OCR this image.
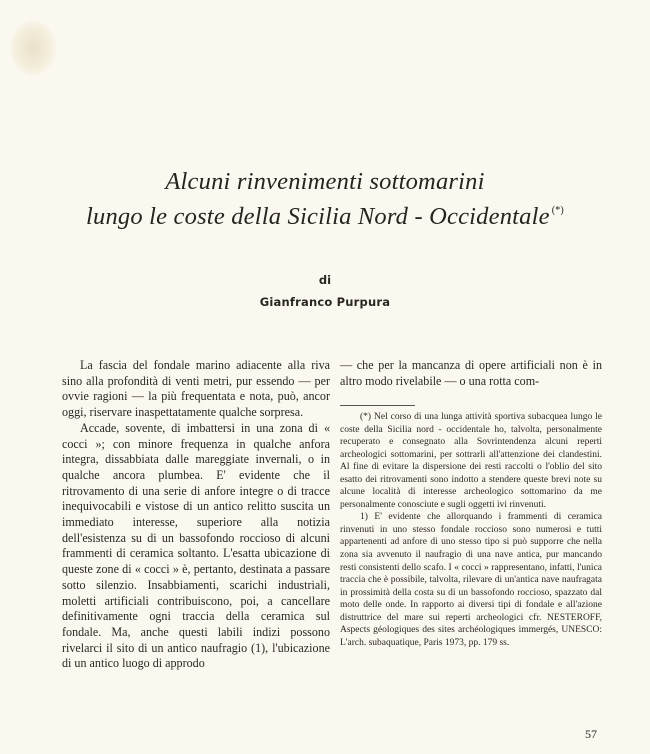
Alcuni rinvenimenti sottomarini
lungo le coste della Sicilia Nord - Occidentale (*)
di
Gianfranco Purpura

La fascia del fondale marino adiacente alla riva sino alla profondità di venti metri, pur essendo — per ovvie ragioni — la più frequentata e nota, può, ancor oggi, riservare inaspettatamente qualche sorpresa.

Accade, sovente, di imbattersi in una zona di « cocci »; con minore frequenza in qualche anfora integra, dissabbiata dalle mareggiate invernali, o in qualche ancora plumbea. E' evidente che il ritrovamento di una serie di anfore integre o di tracce inequivocabili e vistose di un antico relitto suscita un immediato interesse, superiore alla notizia dell'esistenza su di un bassofondo roccioso di alcuni frammenti di ceramica soltanto. L'esatta ubicazione di queste zone di « cocci » è, pertanto, destinata a passare sotto silenzio. Insabbiamenti, scarichi industriali, moletti artificiali contribuiscono, poi, a cancellare definitivamente ogni traccia della ceramica sul fondale. Ma, anche questi labili indizi possono rivelarci il sito di un antico naufragio (1), l'ubicazione di un antico luogo di approdo

— che per la mancanza di opere artificiali non è in altro modo rivelabile — o una rotta com-

(*) Nel corso di una lunga attività sportiva subacquea lungo le coste della Sicilia nord - occidentale ho, talvolta, personalmente recuperato e consegnato alla Sovrintendenza alcuni reperti archeologici sottomarini, per sottrarli all'attenzione dei clandestini. Al fine di evitare la dispersione dei resti raccolti o l'oblio del sito esatto dei ritrovamenti sono indotto a stendere queste brevi note su alcune località di interesse archeologico sottomarino da me personalmente conosciute e sugli oggetti ivi rinvenuti.

1) E' evidente che allorquando i frammenti di ceramica rinvenuti in uno stesso fondale roccioso sono numerosi e tutti appartenenti ad anfore di uno stesso tipo si può supporre che nella zona sia avvenuto il naufragio di una nave antica, pur mancando resti consistenti dello scafo. I « cocci » rappresentano, infatti, l'unica traccia che è possibile, talvolta, rilevare di un'antica nave naufragata in prossimità della costa su di un bassofondo roccioso, spazzato dal moto delle onde. In rapporto ai diversi tipi di fondale e all'azione distruttrice del mare sui reperti archeologici cfr. NESTEROFF, Aspects géologiques des sites archéologiques immergés, UNESCO: L'arch. subaquatique, Paris 1973, pp. 179 ss.

57
